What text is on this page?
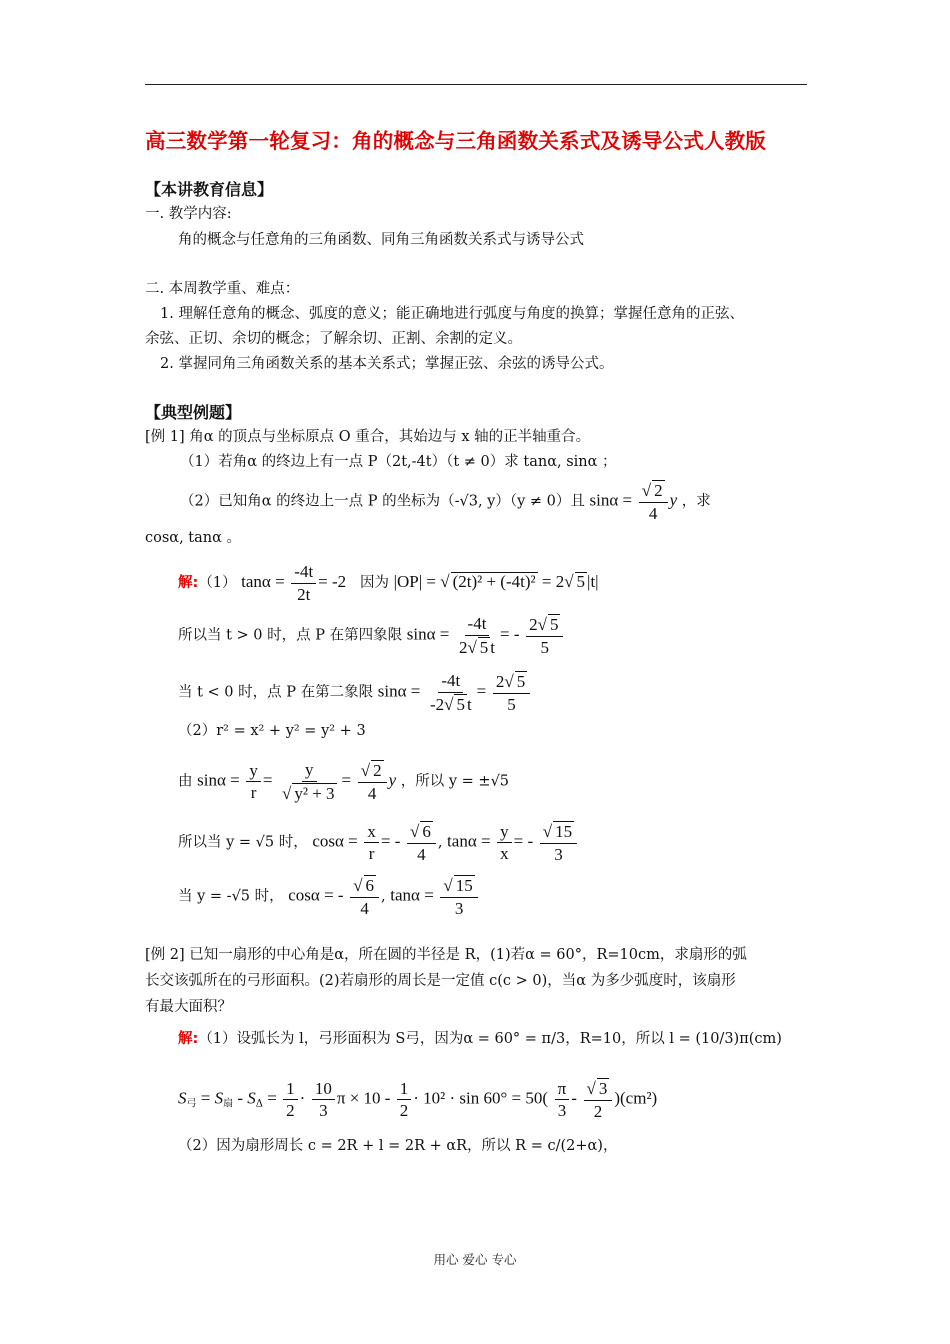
高三数学第一轮复习：角的概念与三角函数关系式及诱导公式人教版
【本讲教育信息】
一. 教学内容:
角的概念与任意角的三角函数、同角三角函数关系式与诱导公式
二. 本周教学重、难点：
1. 理解任意角的概念、弧度的意义；能正确地进行弧度与角度的换算；掌握任意角的正弦、
余弦、正切、余切的概念；了解余切、正割、余割的定义。
2. 掌握同角三角函数关系的基本关系式；掌握正弦、余弦的诱导公式。
【典型例题】
[例 1] 角α 的顶点与坐标原点 O 重合，其始边与 x 轴的正半轴重合。
（1）若角α 的终边上有一点 P（2t,-4t）（t ≠ 0）求 tanα, sinα ；
（2）已知角α 的终边上一点 P 的坐标为（-√3, y）（y ≠ 0）且 $\sin\alpha = \frac{√ 2}{4}$ y ，求
cosα, tanα 。
解:（1） $\tan\alpha = \frac{-4t}{2t} = -2$ 因为 |OP| = √ (2t)² + (-4t)² = 2√ 5 |t|
所以当 t > 0 时，点 P 在第四象限 $\sin\alpha = \frac{-4t}{2√ 5 t}$ = - $\frac{2√ 5}{5}$
当 t < 0 时，点 P 在第二象限 $\sin\alpha = \frac{-4t}{-2√ 5 t} = \frac{2√ 5}{5}$
（2）r² = x² + y² = y² + 3
由 $\sin\alpha = \frac{y}{r} = \frac{y}{\text{√ y² + 3}} = \frac{√ 2}{4}$ y ，所以 y = ±√5
所以当 y = √5 时， $\cos\alpha = \frac{x}{r}$ = - $\frac{√ 6}{4}$ , $\tan\alpha = \frac{y}{x}$ = - $\frac{√ 15}{3}$
当 y = -√5 时， cosα = - $\frac{√ 6}{4}$ , $\tan\alpha = \frac{√ 15}{3}$
[例 2] 已知一扇形的中心角是α，所在圆的半径是 R，(1)若α = 60°，R=10cm，求扇形的弧
长交该弧所在的弓形面积。(2)若扇形的周长是一定值 c(c > 0)，当α 为多少弧度时，该扇形
有最大面积？
解:（1）设弧长为 l，弓形面积为 S弓，因为α = 60° = π/3，R=10，所以 l = (10/3)π(cm)
$S_弓 = S_扇 - S_\Delta = \frac{1}{2} \cdot \frac{10}{3}$ $\pi \times 10 - \frac{1}{2} \cdot 10^2 \cdot \sin 60^\circ = 50( \frac{\pi}{3} - \frac{√ 3}{2} )(cm^2)$
（2）因为扇形周长 c = 2R + l = 2R + αR，所以 R = c/(2+α)，
用心 爱心 专心
